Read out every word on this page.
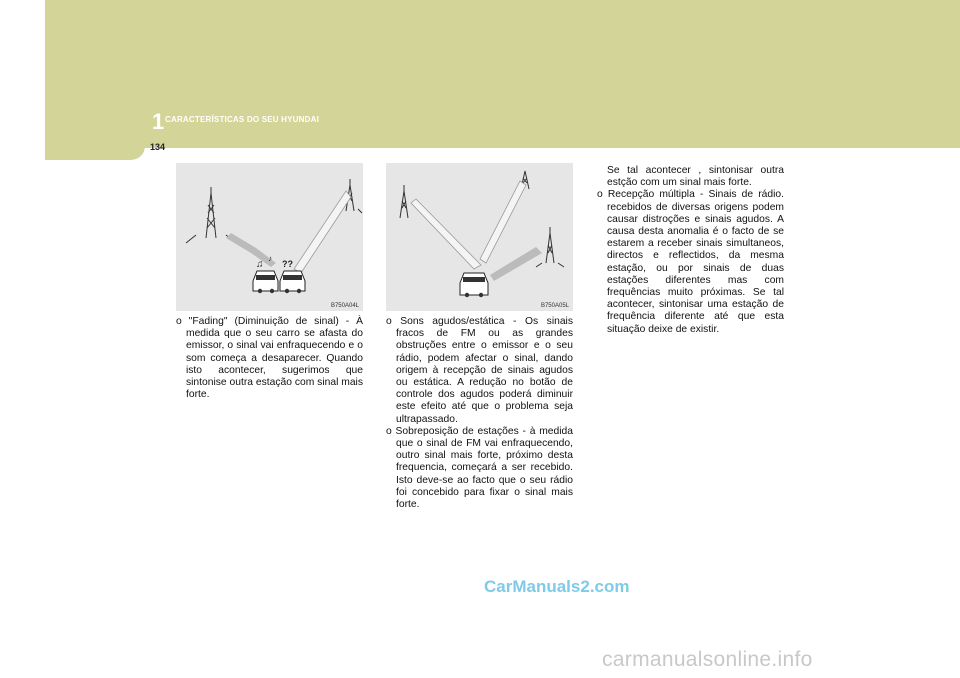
1 CARACTERÍSTICAS DO SEU HYUNDAI
134
♫
♪
??
B750A04L	B750A05L

o "Fading" (Diminuição de sinal) - À medida que o seu carro se afasta do emissor, o sinal vai enfraquecendo e o som começa a desaparecer. Quando isto acontecer, sugerimos que sintonise outra estação com sinal mais forte.

o Sons agudos/estática - Os sinais fracos de FM ou as grandes obstruções entre o emissor e o seu rádio, podem afectar o sinal, dando origem à recepção de sinais agudos ou estática. A redução no botão de controle dos agudos poderá diminuir este efeito até que o problema seja ultrapassado.

o Sobreposição de estações - à medida que o sinal de FM vai enfraquecendo, outro sinal mais forte, próximo desta frequencia, começará a ser recebido. Isto deve-se ao facto que o seu rádio foi concebido para fixar o sinal mais forte.

Se tal acontecer , sintonisar outra estção com um sinal mais forte.

o Recepção múltipla - Sinais de rádio. recebidos de diversas origens podem causar distroções e sinais agudos. A causa desta anomalia é o facto de se estarem a receber sinais simultaneos, directos e reflectidos, da mesma estação, ou por sinais de duas estações diferentes mas com frequências muito próximas. Se tal acontecer, sintonisar uma estação de frequência diferente até que esta situação deixe de existir.

CarManuals2.com
carmanualsonline.info
